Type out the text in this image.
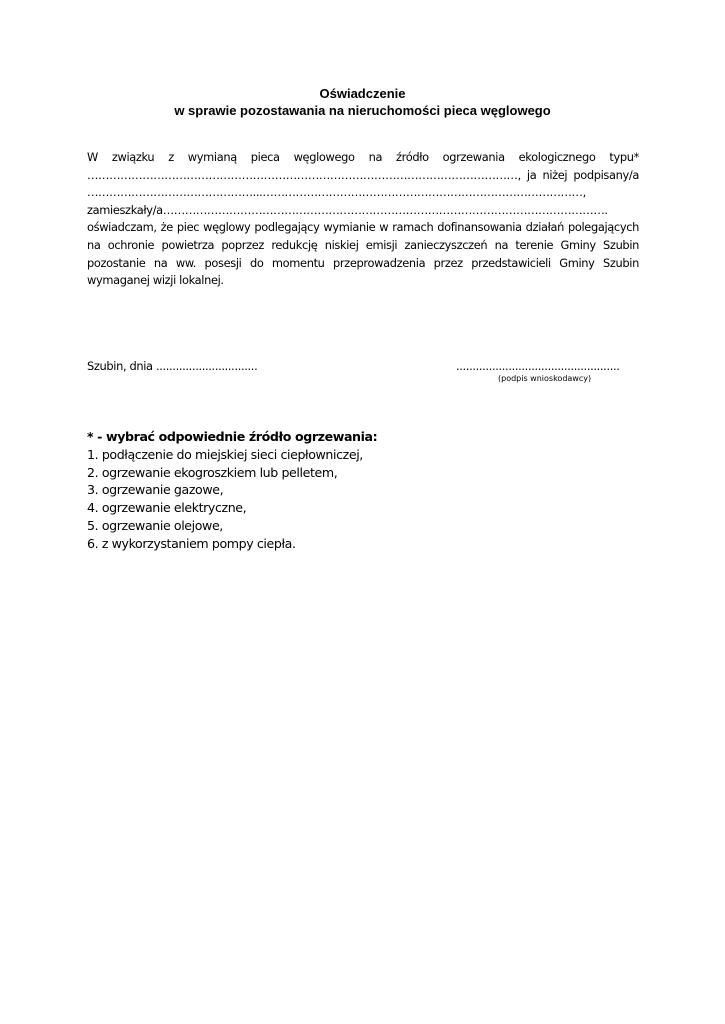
Oświadczenie
w sprawie pozostawania na nieruchomości pieca węglowego
W związku z wymianą pieca węglowego na źródło ogrzewania ekologicznego typu*
………………………………………………………………………………………………………, ja niżej podpisany/a
………………………………………...……………………………………………………………………………,
zamieszkały/a………………………………………………………………………………………………………….
oświadczam, że piec węglowy podlegający wymianie w ramach dofinansowania działań polegających
na ochronie powietrza poprzez redukcję niskiej emisji zanieczyszczeń na terenie Gminy Szubin
pozostanie na ww. posesji do momentu przeprowadzenia przez przedstawicieli Gminy Szubin
wymaganej wizji lokalnej.
Szubin, dnia ...............................	..................................................
(podpis wnioskodawcy)
* - wybrać odpowiednie źródło ogrzewania:
1. podłączenie do miejskiej sieci ciepłowniczej,
2. ogrzewanie ekogroszkiem lub pelletem,
3. ogrzewanie gazowe,
4. ogrzewanie elektryczne,
5. ogrzewanie olejowe,
6. z wykorzystaniem pompy ciepła.
